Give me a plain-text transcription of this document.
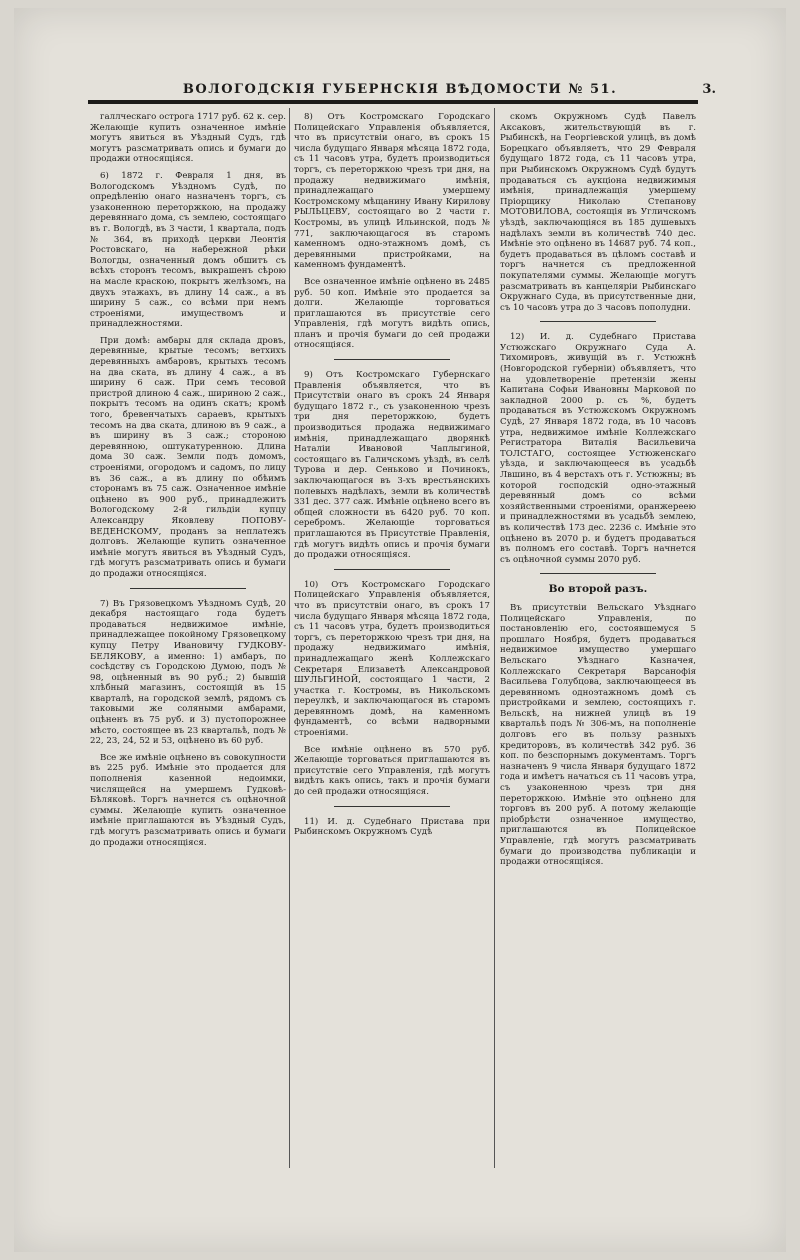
ВОЛОГОДСКІЯ ГУБЕРНСКІЯ ВѢДОМОСТИ № 51.	3.

галлческаго острога 1717 руб. 62 к. сер. Желающіе купить означенное имѣніе могутъ явиться въ Уѣздный Судъ, гдѣ могутъ разсматривать опись и бумаги до продажи относящіяся.

6) 1872 г. Февраля 1 дня, въ Вологодскомъ Уѣздномъ Судѣ, по опредѣленію онаго назначенъ торгъ, съ узаконенною переторжкою, на продажу деревяннаго дома, съ землею, состоящаго въ г. Вологдѣ, въ 3 части, 1 квартала, подъ № 364, въ приходѣ церкви Леонтія Ростовскаго, на набережной рѣки Вологды, означенный домъ обшитъ съ всѣхъ сторонъ тесомъ, выкрашенъ сѣрою на масле краскою, покрытъ желѣзомъ, на двухъ этажахъ, въ длину 14 саж., а въ ширину 5 саж., со всѣми при немъ строеніями, имуществомъ и принадлежностями.

При домѣ: амбары для склада дровъ, деревянные, крытые тесомъ; ветхихъ деревянныхъ амбаровъ, крытыхъ тесомъ на два ската, въ длину 4 саж., а въ ширину 6 саж. При семъ тесовой пристрой длиною 4 саж., шириною 2 саж., покрытъ тесомъ на одинъ скатъ; кромѣ того, бревенчатыхъ сараевъ, крытыхъ тесомъ на два ската, длиною въ 9 саж., а въ ширину въ 3 саж.; стороною деревянною, оштукатуренною. Длина дома 30 саж. Земли подъ домомъ, строеніями, огородомъ и садомъ, по лицу въ 36 саж., а въ длину по обѣимъ сторонамъ въ 75 саж. Означенное имѣніе оцѣнено въ 900 руб., принадлежитъ Вологодскому 2-й гильдіи купцу Александру Яковлеву ПОПОВУ-ВЕДЕНСКОМУ, проданъ за неплатежъ долговъ. Желающіе купить означенное имѣніе могутъ явиться въ Уѣздный Судъ, гдѣ могутъ разсматривать опись и бумаги до продажи относящіяся.

7) Въ Грязовецкомъ Уѣздномъ Судѣ, 20 декабря настоящаго года будетъ продаваться недвижимое имѣніе, принадлежащее покойному Грязовецкому купцу Петру Ивановичу ГУДКОВУ-БЕЛЯКОВУ, а именно: 1) амбаръ, по сосѣдству съ Городскою Думою, подъ № 98, оцѣненный въ 90 руб.; 2) бывшій хлѣбный магазинъ, состоящій въ 15 кварталѣ, на городской землѣ, рядомъ съ таковыми же соляными амбарами, оцѣненъ въ 75 руб. и 3) пустопорожнее мѣсто, состоящее въ 23 квартальѣ, подъ № 22, 23, 24, 52 и 53, оцѣнено въ 60 руб.

Все же имѣніе оцѣнено въ совокупности въ 225 руб. Имѣніе это продается для пополненія казенной недоимки, числящейся на умершемъ Гудковѣ-Бѣляковѣ. Торгъ начнется съ оцѣночной суммы. Желающіе купить означенное имѣніе приглашаются въ Уѣздный Судъ, гдѣ могутъ разсматривать опись и бумаги до продажи относящіяся.

8) Отъ Костромскаго Городскаго Полицейскаго Управленія объявляется, что въ присутствіи онаго, въ срокъ 15 числа будущаго Января мѣсяца 1872 года, съ 11 часовъ утра, будетъ производиться торгъ, съ переторжкою чрезъ три дня, на продажу недвижимаго имѣнія, принадлежащаго умершему Костромскому мѣщанину Ивану Кирилову РЫЛЬЦЕВУ, состоящаго во 2 части г. Костромы, въ улицѣ Ильинской, подъ № 771, заключающагося въ старомъ каменномъ одно-этажномъ домѣ, съ деревянными пристройками, на каменномъ фундаментѣ.

Все означенное имѣніе оцѣнено въ 2485 руб. 50 коп. Имѣніе это продается за долги. Желающіе торговаться приглашаются въ присутствіе сего Управленія, гдѣ могутъ видѣть опись, планъ и прочія бумаги до сей продажи относящіяся.

9) Отъ Костромскаго Губернскаго Правленія объявляется, что въ Присутствіи онаго въ срокъ 24 Января будущаго 1872 г., съ узаконенною чрезъ три дня переторжкою, будетъ производиться продажа недвижимаго имѣнія, принадлежащаго дворянкѣ Наталіи Ивановой Чаплыгиной, состоящаго въ Галичскомъ уѣздѣ, въ селѣ Турова и дер. Сеньково и Починокъ, заключающагося въ 3-хъ врестьянскихъ полевыхъ надѣлахъ, земли въ количествѣ 331 дес. 377 саж. Имѣніе оцѣнено всего въ общей сложности въ 6420 руб. 70 коп. серебромъ. Желающіе торговаться приглашаются въ Присутствіе Правленія, гдѣ могутъ видѣть опись и прочія бумаги до продажи относящіяся.

10) Отъ Костромскаго Городскаго Полицейскаго Управленія объявляется, что въ присутствіи онаго, въ срокъ 17 числа будущаго Января мѣсяца 1872 года, съ 11 часовъ утра, будетъ производиться торгъ, съ переторжкою чрезъ три дня, на продажу недвижимаго имѣнія, принадлежащаго женѣ Коллежскаго Секретаря Елизаветѣ Александровой ШУЛЬГИНОЙ, состоящаго 1 части, 2 участка г. Костромы, въ Никольскомъ переулкѣ, и заключающагося въ старомъ деревянномъ домѣ, на каменномъ фундаментѣ, со всѣми надворными строеніями.

Все имѣніе оцѣнено въ 570 руб. Желающіе торговаться приглашаются въ присутствіе сего Управленія, гдѣ могутъ видѣть какъ опись, такъ и прочія бумаги до сей продажи относящіяся.

11) И. д. Судебнаго Пристава при Рыбинскомъ Окружномъ Судѣ

скомъ Окружномъ Судѣ Павелъ Аксаковъ, жительствующій въ г. Рыбинскѣ, на Георгіевской улицѣ, въ домѣ Борецкаго объявляетъ, что 29 Февраля будущаго 1872 года, съ 11 часовъ утра, при Рыбинскомъ Окружномъ Судѣ будутъ продаваться съ аукціона недвижимыя имѣнія, принадлежащія умершему Пріорщику Николаю Степанову МОТОВИЛОВА, состоящія въ Угличскомъ уѣздѣ, заключающіяся въ 185 душевыхъ надѣлахъ земли въ количествѣ 740 дес. Имѣніе это оцѣнено въ 14687 руб. 74 коп., будетъ продаваться въ цѣломъ составѣ и торгъ начнется съ предложенной покупателями суммы. Желающіе могутъ разсматривать въ канцеляріи Рыбинскаго Окружнаго Суда, въ присутственные дни, съ 10 часовъ утра до 3 часовъ пополудни.

12) И. д. Судебнаго Пристава Устюжскаго Окружнаго Суда А. Тихомировъ, живущій въ г. Устюжнѣ (Новгородской губерніи) объявляетъ, что на удовлетвореніе претензіи жены Капитана Софьи Ивановны Марковой по закладной 2000 р. съ %, будетъ продаваться въ Устюжскомъ Окружномъ Судѣ, 27 Января 1872 года, въ 10 часовъ утра, недвижимое имѣніе Коллежскаго Регистратора Виталія Васильевича ТОЛСТАГО, состоящее Устюженскаго уѣзда, и заключающееся въ усадьбѣ Лвшино, въ 4 верстахъ отъ г. Устюжны; въ которой господскій одно-этажный деревянный домъ со всѣми хозяйственными строеніями, оранжереею и принадлежностями въ усадьбѣ землею, въ количествѣ 173 дес. 2236 с. Имѣніе это оцѣнено въ 2070 р. и будетъ продаваться въ полномъ его составѣ. Торгъ начнется съ оцѣночной суммы 2070 руб.

Во второй разъ.

Въ присутствіи Вельскаго Уѣзднаго Полицейскаго Управленія, по постановленію его, состоявшемуся 5 прошлаго Ноября, будетъ продаваться недвижимое имущество умершаго Вельскаго Уѣзднаго Казначея, Коллежскаго Секретаря Варсанофія Васильева Голубцова, заключающееся въ деревянномъ одноэтажномъ домѣ съ пристройками и землею, состоящихъ г. Вельскѣ, на нижней улицѣ въ 19 квартальѣ подъ № 306-мъ, на пополненіе долговъ его въ пользу разныхъ кредиторовъ, въ количествѣ 342 руб. 36 коп. по безспорнымъ документамъ. Торгъ назначенъ 9 числа Января будущаго 1872 года и имѣетъ начаться съ 11 часовъ утра, съ узаконенною чрезъ три дня переторжкою. Имѣніе это оцѣнено для торговъ въ 200 руб. А потому желающіе пріобрѣсти означенное имущество, приглашаются въ Полицейское Управленіе, гдѣ могутъ разсматривать бумаги до производства публикаціи и продажи относящіяся.
